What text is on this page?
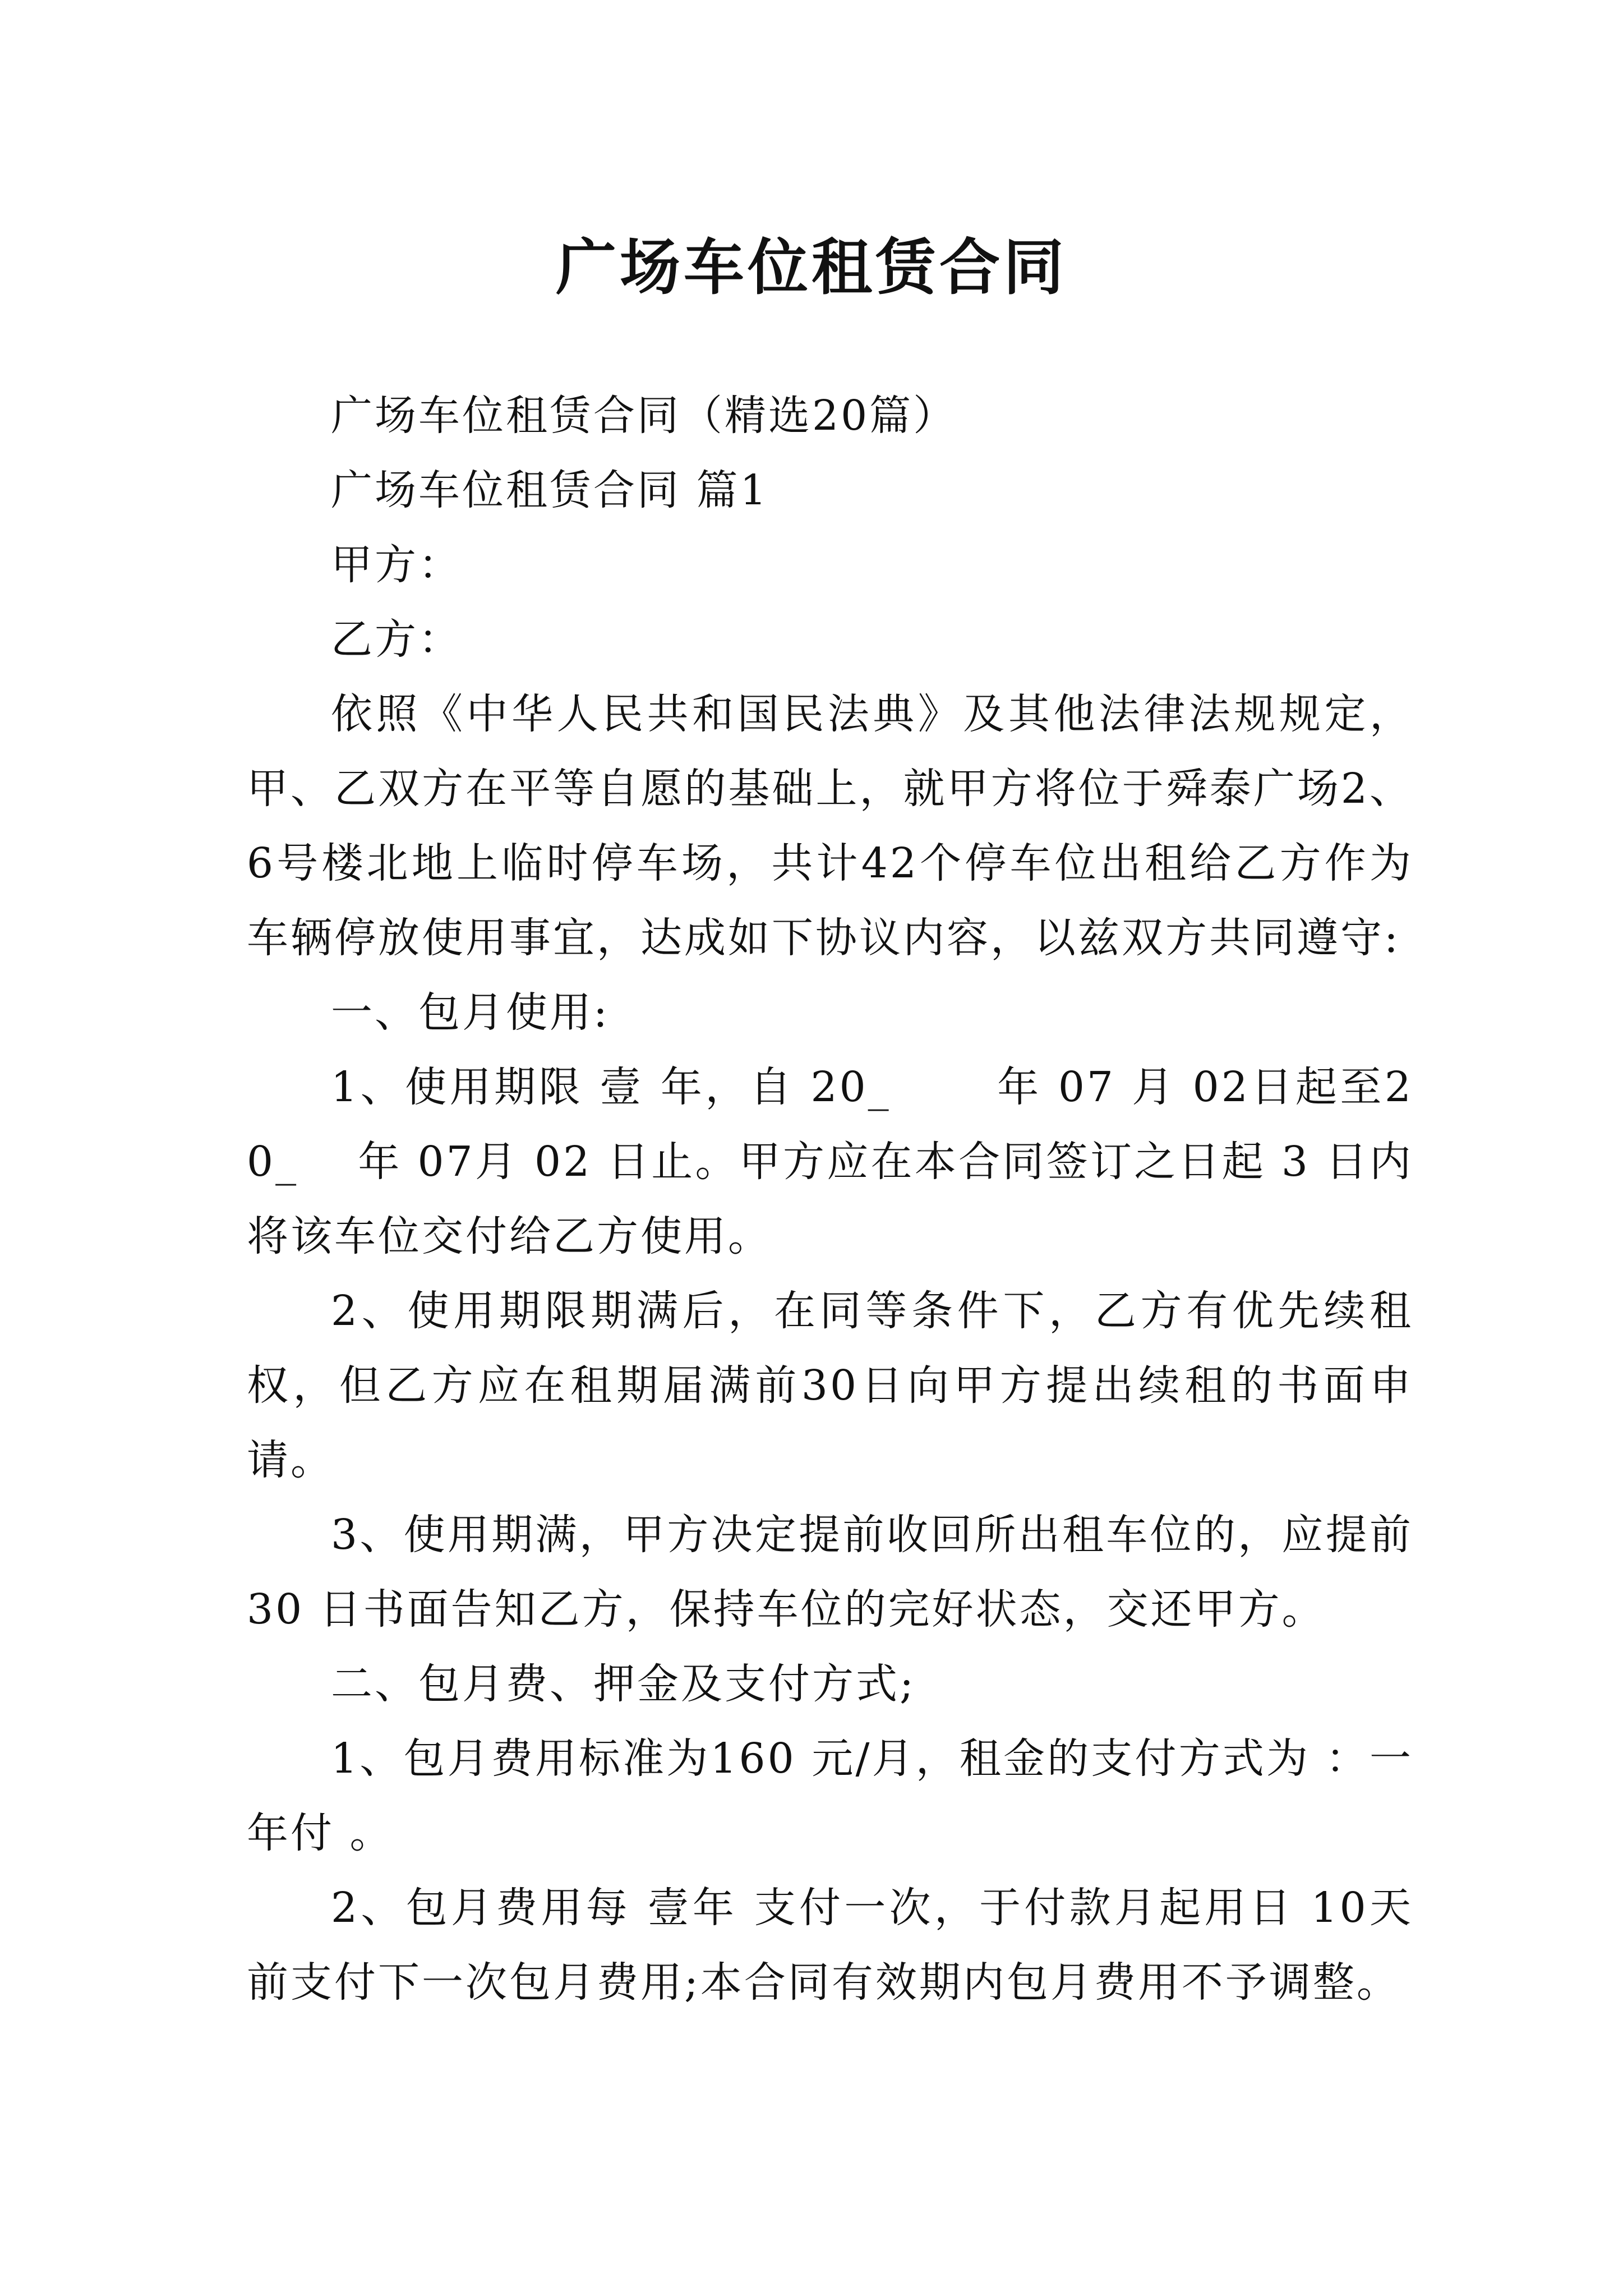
广场车位租赁合同

广场车位租赁合同（精选20篇）

广场车位租赁合同 篇1

甲方：

乙方：

依照《中华人民共和国民法典》及其他法律法规规定，甲、乙双方在平等自愿的基础上，就甲方将位于舜泰广场2、6号楼北地上临时停车场，共计42个停车位出租给乙方作为车辆停放使用事宜，达成如下协议内容，以兹双方共同遵守:

一、包月使用:

1、使用期限 壹 年，自 20_　　 年 07 月 02日起至20_　 年 07月 02 日止。甲方应在本合同签订之日起 3 日内将该车位交付给乙方使用。

2、使用期限期满后，在同等条件下，乙方有优先续租权，但乙方应在租期届满前30日向甲方提出续租的书面申请。

3、使用期满，甲方决定提前收回所出租车位的，应提前 30 日书面告知乙方，保持车位的完好状态，交还甲方。

二、包月费、押金及支付方式;

1、包月费用标准为160 元/月，租金的支付方式为 ：一年付 。

2、包月费用每 壹年 支付一次，于付款月起用日 10天前支付下一次包月费用;本合同有效期内包月费用不予调整。
